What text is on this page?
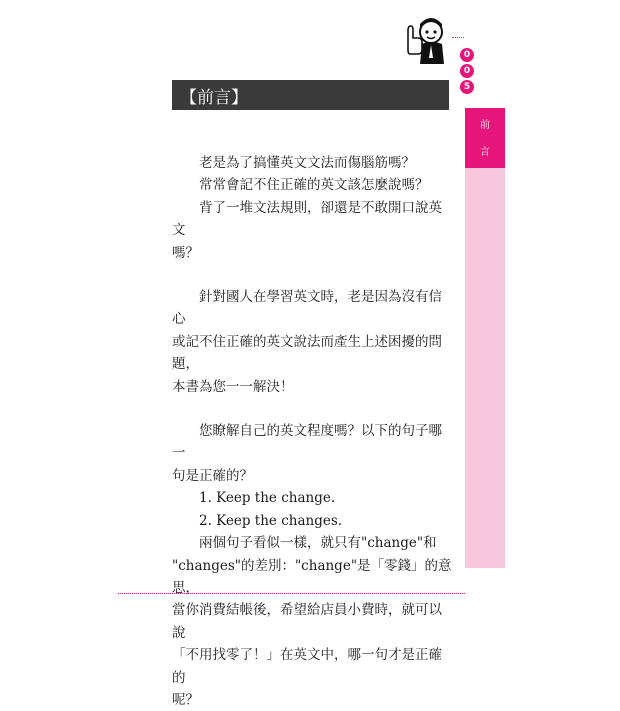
0
0
5
【前言】
前
言

老是為了搞懂英文文法而傷腦筋嗎？

常常會記不住正確的英文該怎麼說嗎？

背了一堆文法規則，卻還是不敢開口說英文

嗎？

針對國人在學習英文時，老是因為沒有信心

或記不住正確的英文說法而產生上述困擾的問題，

本書為您一一解決！

您瞭解自己的英文程度嗎？以下的句子哪一

句是正確的？

1. Keep the change.

2. Keep the changes.

兩個句子看似一樣，就只有"change"和

"changes"的差別："change"是「零錢」的意思，

當你消費結帳後，希望給店員小費時，就可以說

「不用找零了！」在英文中，哪一句才是正確的

呢？
